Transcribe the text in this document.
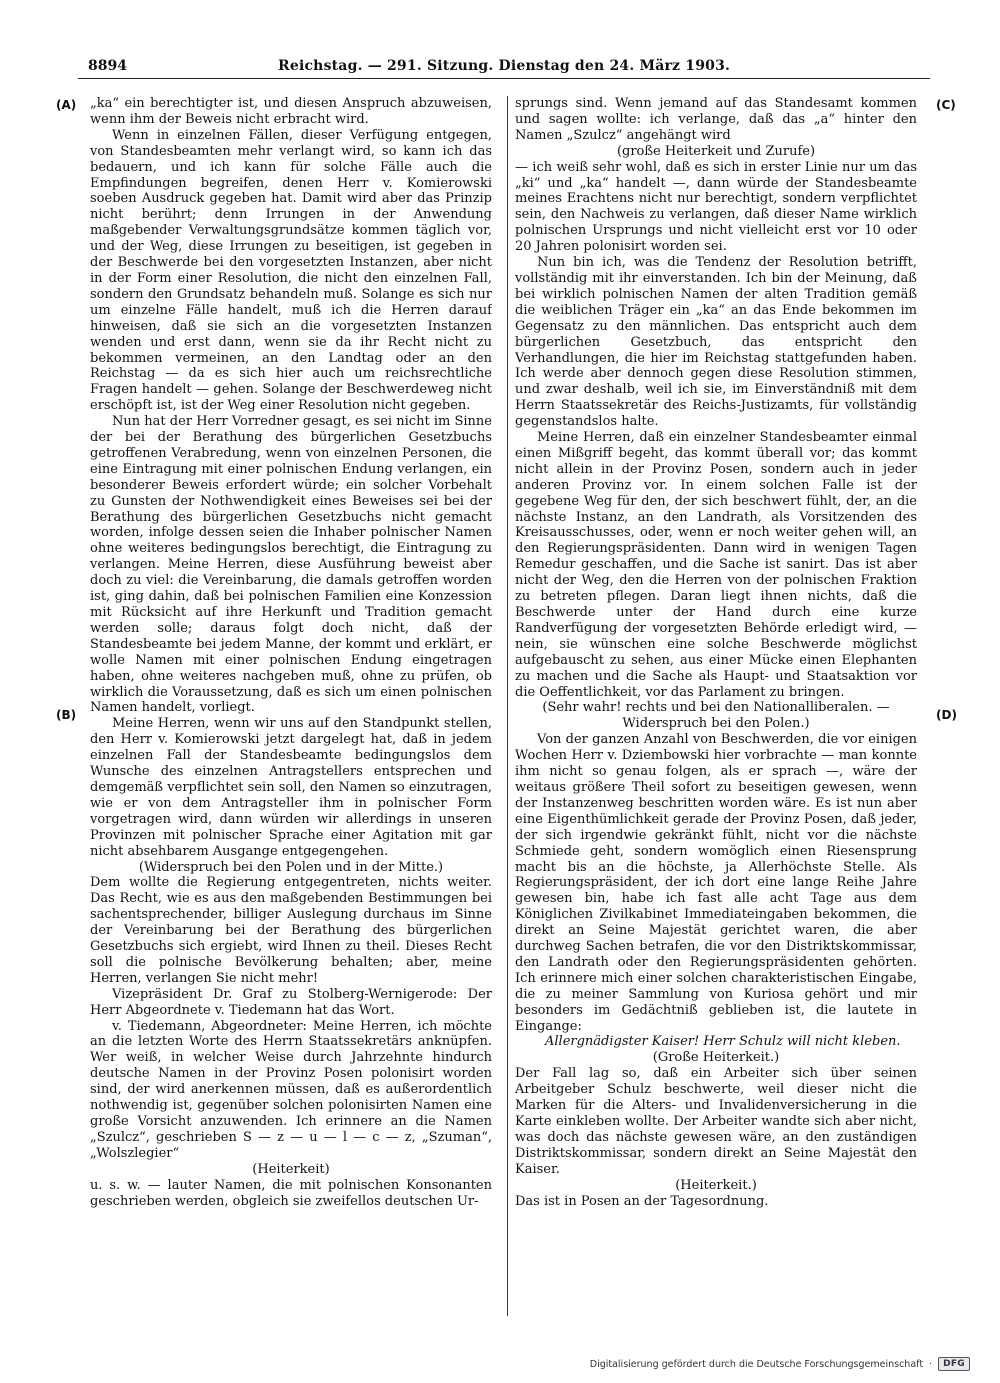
8894	Reichstag. — 291. Sitzung. Dienstag den 24. März 1903.
(A)
(B)
(C)
(D)

„ka“ ein berechtigter ist, und diesen Anspruch abzuweisen, wenn ihm der Beweis nicht erbracht wird.

Wenn in einzelnen Fällen, dieser Verfügung entgegen, von Standesbeamten mehr verlangt wird, so kann ich das bedauern, und ich kann für solche Fälle auch die Empfindungen begreifen, denen Herr v. Komierowski soeben Ausdruck gegeben hat. Damit wird aber das Prinzip nicht berührt; denn Irrungen in der Anwendung maßgebender Verwaltungsgrundsätze kommen täglich vor, und der Weg, diese Irrungen zu beseitigen, ist gegeben in der Beschwerde bei den vorgesetzten Instanzen, aber nicht in der Form einer Resolution, die nicht den einzelnen Fall, sondern den Grundsatz behandeln muß. Solange es sich nur um einzelne Fälle handelt, muß ich die Herren darauf hinweisen, daß sie sich an die vorgesetzten Instanzen wenden und erst dann, wenn sie da ihr Recht nicht zu bekommen vermeinen, an den Landtag oder an den Reichstag — da es sich hier auch um reichsrechtliche Fragen handelt — gehen. Solange der Beschwerdeweg nicht erschöpft ist, ist der Weg einer Resolution nicht gegeben.

Nun hat der Herr Vorredner gesagt, es sei nicht im Sinne der bei der Berathung des bürgerlichen Gesetzbuchs getroffenen Verabredung, wenn von einzelnen Personen, die eine Eintragung mit einer polnischen Endung verlangen, ein besonderer Beweis erfordert würde; ein solcher Vorbehalt zu Gunsten der Nothwendigkeit eines Beweises sei bei der Berathung des bürgerlichen Gesetzbuchs nicht gemacht worden, infolge dessen seien die Inhaber polnischer Namen ohne weiteres bedingungslos berechtigt, die Eintragung zu verlangen. Meine Herren, diese Ausführung beweist aber doch zu viel: die Vereinbarung, die damals getroffen worden ist, ging dahin, daß bei polnischen Familien eine Konzession mit Rücksicht auf ihre Herkunft und Tradition gemacht werden solle; daraus folgt doch nicht, daß der Standesbeamte bei jedem Manne, der kommt und erklärt, er wolle Namen mit einer polnischen Endung eingetragen haben, ohne weiteres nachgeben muß, ohne zu prüfen, ob wirklich die Voraussetzung, daß es sich um einen polnischen Namen handelt, vorliegt.

Meine Herren, wenn wir uns auf den Standpunkt stellen, den Herr v. Komierowski jetzt dargelegt hat, daß in jedem einzelnen Fall der Standesbeamte bedingungslos dem Wunsche des einzelnen Antragstellers entsprechen und demgemäß verpflichtet sein soll, den Namen so einzutragen, wie er von dem Antragsteller ihm in polnischer Form vorgetragen wird, dann würden wir allerdings in unseren Provinzen mit polnischer Sprache einer Agitation mit gar nicht absehbarem Ausgange entgegengehen.

(Widerspruch bei den Polen und in der Mitte.)

Dem wollte die Regierung entgegentreten, nichts weiter. Das Recht, wie es aus den maßgebenden Bestimmungen bei sachentsprechender, billiger Auslegung durchaus im Sinne der Vereinbarung bei der Berathung des bürgerlichen Gesetzbuchs sich ergiebt, wird Ihnen zu theil. Dieses Recht soll die polnische Bevölkerung behalten; aber, meine Herren, verlangen Sie nicht mehr!

Vizepräsident Dr. Graf zu Stolberg-Wernigerode: Der Herr Abgeordnete v. Tiedemann hat das Wort.

v. Tiedemann, Abgeordneter: Meine Herren, ich möchte an die letzten Worte des Herrn Staatssekretärs anknüpfen. Wer weiß, in welcher Weise durch Jahrzehnte hindurch deutsche Namen in der Provinz Posen polonisirt worden sind, der wird anerkennen müssen, daß es außerordentlich nothwendig ist, gegenüber solchen polonisirten Namen eine große Vorsicht anzuwenden. Ich erinnere an die Namen „Szulcz“, geschrieben S — z — u — l — c — z, „Szuman“, „Wolszlegier“

(Heiterkeit)

u. s. w. — lauter Namen, die mit polnischen Konsonanten geschrieben werden, obgleich sie zweifellos deutschen Ur-

sprungs sind. Wenn jemand auf das Standesamt kommen und sagen wollte: ich verlange, daß das „a“ hinter den Namen „Szulcz“ angehängt wird

(große Heiterkeit und Zurufe)

— ich weiß sehr wohl, daß es sich in erster Linie nur um das „ki“ und „ka“ handelt —, dann würde der Standesbeamte meines Erachtens nicht nur berechtigt, sondern verpflichtet sein, den Nachweis zu verlangen, daß dieser Name wirklich polnischen Ursprungs und nicht vielleicht erst vor 10 oder 20 Jahren polonisirt worden sei.

Nun bin ich, was die Tendenz der Resolution betrifft, vollständig mit ihr einverstanden. Ich bin der Meinung, daß bei wirklich polnischen Namen der alten Tradition gemäß die weiblichen Träger ein „ka“ an das Ende bekommen im Gegensatz zu den männlichen. Das entspricht auch dem bürgerlichen Gesetzbuch, das entspricht den Verhandlungen, die hier im Reichstag stattgefunden haben. Ich werde aber dennoch gegen diese Resolution stimmen, und zwar deshalb, weil ich sie, im Einverständniß mit dem Herrn Staatssekretär des Reichs-Justizamts, für vollständig gegenstandslos halte.

Meine Herren, daß ein einzelner Standesbeamter einmal einen Mißgriff begeht, das kommt überall vor; das kommt nicht allein in der Provinz Posen, sondern auch in jeder anderen Provinz vor. In einem solchen Falle ist der gegebene Weg für den, der sich beschwert fühlt, der, an die nächste Instanz, an den Landrath, als Vorsitzenden des Kreisausschusses, oder, wenn er noch weiter gehen will, an den Regierungspräsidenten. Dann wird in wenigen Tagen Remedur geschaffen, und die Sache ist sanirt. Das ist aber nicht der Weg, den die Herren von der polnischen Fraktion zu betreten pflegen. Daran liegt ihnen nichts, daß die Beschwerde unter der Hand durch eine kurze Randverfügung der vorgesetzten Behörde erledigt wird, — nein, sie wünschen eine solche Beschwerde möglichst aufgebauscht zu sehen, aus einer Mücke einen Elephanten zu machen und die Sache als Haupt- und Staatsaktion vor die Oeffentlichkeit, vor das Parlament zu bringen.

(Sehr wahr! rechts und bei den Nationalliberalen. — Widerspruch bei den Polen.)

Von der ganzen Anzahl von Beschwerden, die vor einigen Wochen Herr v. Dziembowski hier vorbrachte — man konnte ihm nicht so genau folgen, als er sprach —, wäre der weitaus größere Theil sofort zu beseitigen gewesen, wenn der Instanzenweg beschritten worden wäre. Es ist nun aber eine Eigenthümlichkeit gerade der Provinz Posen, daß jeder, der sich irgendwie gekränkt fühlt, nicht vor die nächste Schmiede geht, sondern womöglich einen Riesensprung macht bis an die höchste, ja Allerhöchste Stelle. Als Regierungspräsident, der ich dort eine lange Reihe Jahre gewesen bin, habe ich fast alle acht Tage aus dem Königlichen Zivilkabinet Immediateingaben bekommen, die direkt an Seine Majestät gerichtet waren, die aber durchweg Sachen betrafen, die vor den Distriktskommissar, den Landrath oder den Regierungspräsidenten gehörten. Ich erinnere mich einer solchen charakteristischen Eingabe, die zu meiner Sammlung von Kuriosa gehört und mir besonders im Gedächtniß geblieben ist, die lautete in Eingange:

Allergnädigster Kaiser! Herr Schulz will nicht kleben.

(Große Heiterkeit.)

Der Fall lag so, daß ein Arbeiter sich über seinen Arbeitgeber Schulz beschwerte, weil dieser nicht die Marken für die Alters- und Invalidenversicherung in die Karte einkleben wollte. Der Arbeiter wandte sich aber nicht, was doch das nächste gewesen wäre, an den zuständigen Distriktskommissar, sondern direkt an Seine Majestät den Kaiser.

(Heiterkeit.)

Das ist in Posen an der Tagesordnung.

Digitalisierung gefördert durch die Deutsche Forschungsgemeinschaft ·	DFG
